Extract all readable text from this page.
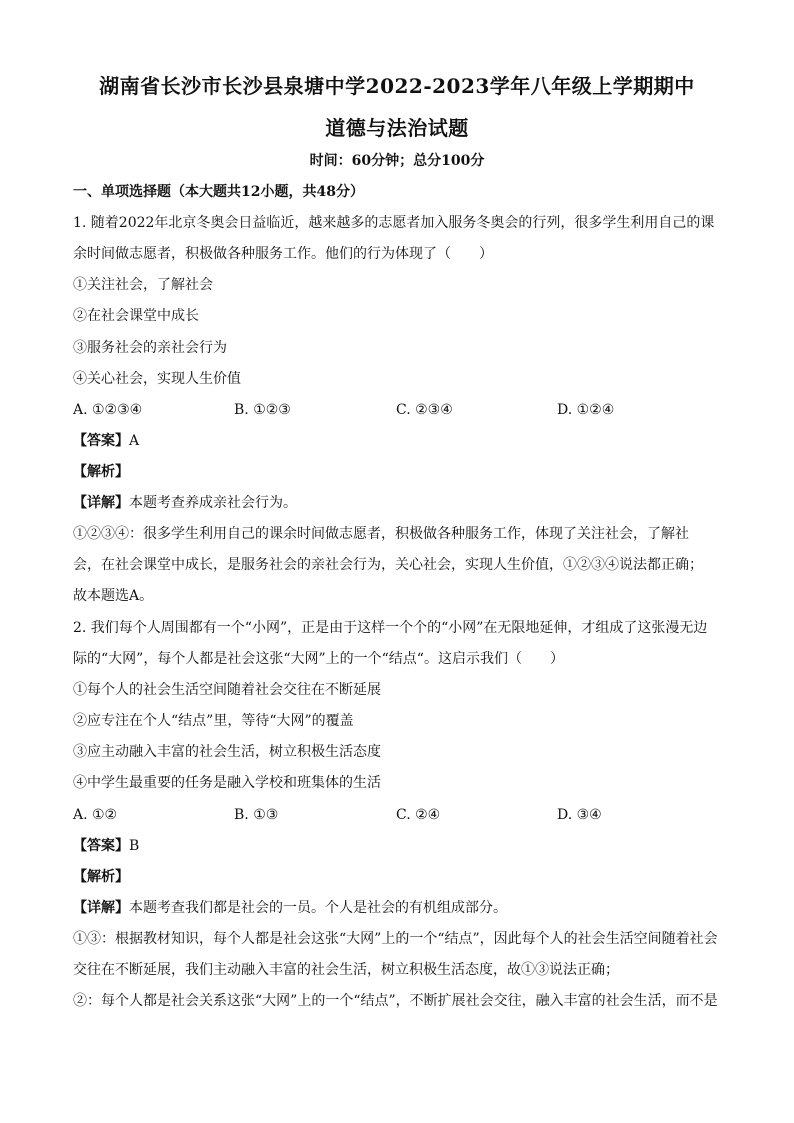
湖南省长沙市长沙县泉塘中学2022-2023学年八年级上学期期中
道德与法治试题
时间：60分钟；总分100分
一、单项选择题（本大题共12小题，共48分）
1. 随着2022年北京冬奥会日益临近，越来越多的志愿者加入服务冬奥会的行列，很多学生利用自己的课
余时间做志愿者，积极做各种服务工作。他们的行为体现了（　　）
①关注社会，了解社会
②在社会课堂中成长
③服务社会的亲社会行为
④关心社会，实现人生价值
A. ①②③④	B. ①②③	C. ②③④	D. ①②④
【答案】A
【解析】
【详解】本题考查养成亲社会行为。
①②③④：很多学生利用自己的课余时间做志愿者，积极做各种服务工作，体现了关注社会，了解社
会，在社会课堂中成长，是服务社会的亲社会行为，关心社会，实现人生价值，①②③④说法都正确；
故本题选A。
2. 我们每个人周围都有一个“小网”，正是由于这样一个个的“小网”在无限地延伸，才组成了这张漫无边
际的“大网”，每个人都是社会这张“大网”上的一个“结点“。这启示我们（　　）
①每个人的社会生活空间随着社会交往在不断延展
②应专注在个人“结点”里，等待“大网”的覆盖
③应主动融入丰富的社会生活，树立积极生活态度
④中学生最重要的任务是融入学校和班集体的生活
A. ①②	B. ①③	C. ②④	D. ③④
【答案】B
【解析】
【详解】本题考查我们都是社会的一员。个人是社会的有机组成部分。
①③：根据教材知识，每个人都是社会这张“大网”上的一个“结点”，因此每个人的社会生活空间随着社会
交往在不断延展，我们主动融入丰富的社会生活，树立积极生活态度，故①③说法正确；
②：每个人都是社会关系这张“大网”上的一个“结点”，不断扩展社会交往，融入丰富的社会生活，而不是
